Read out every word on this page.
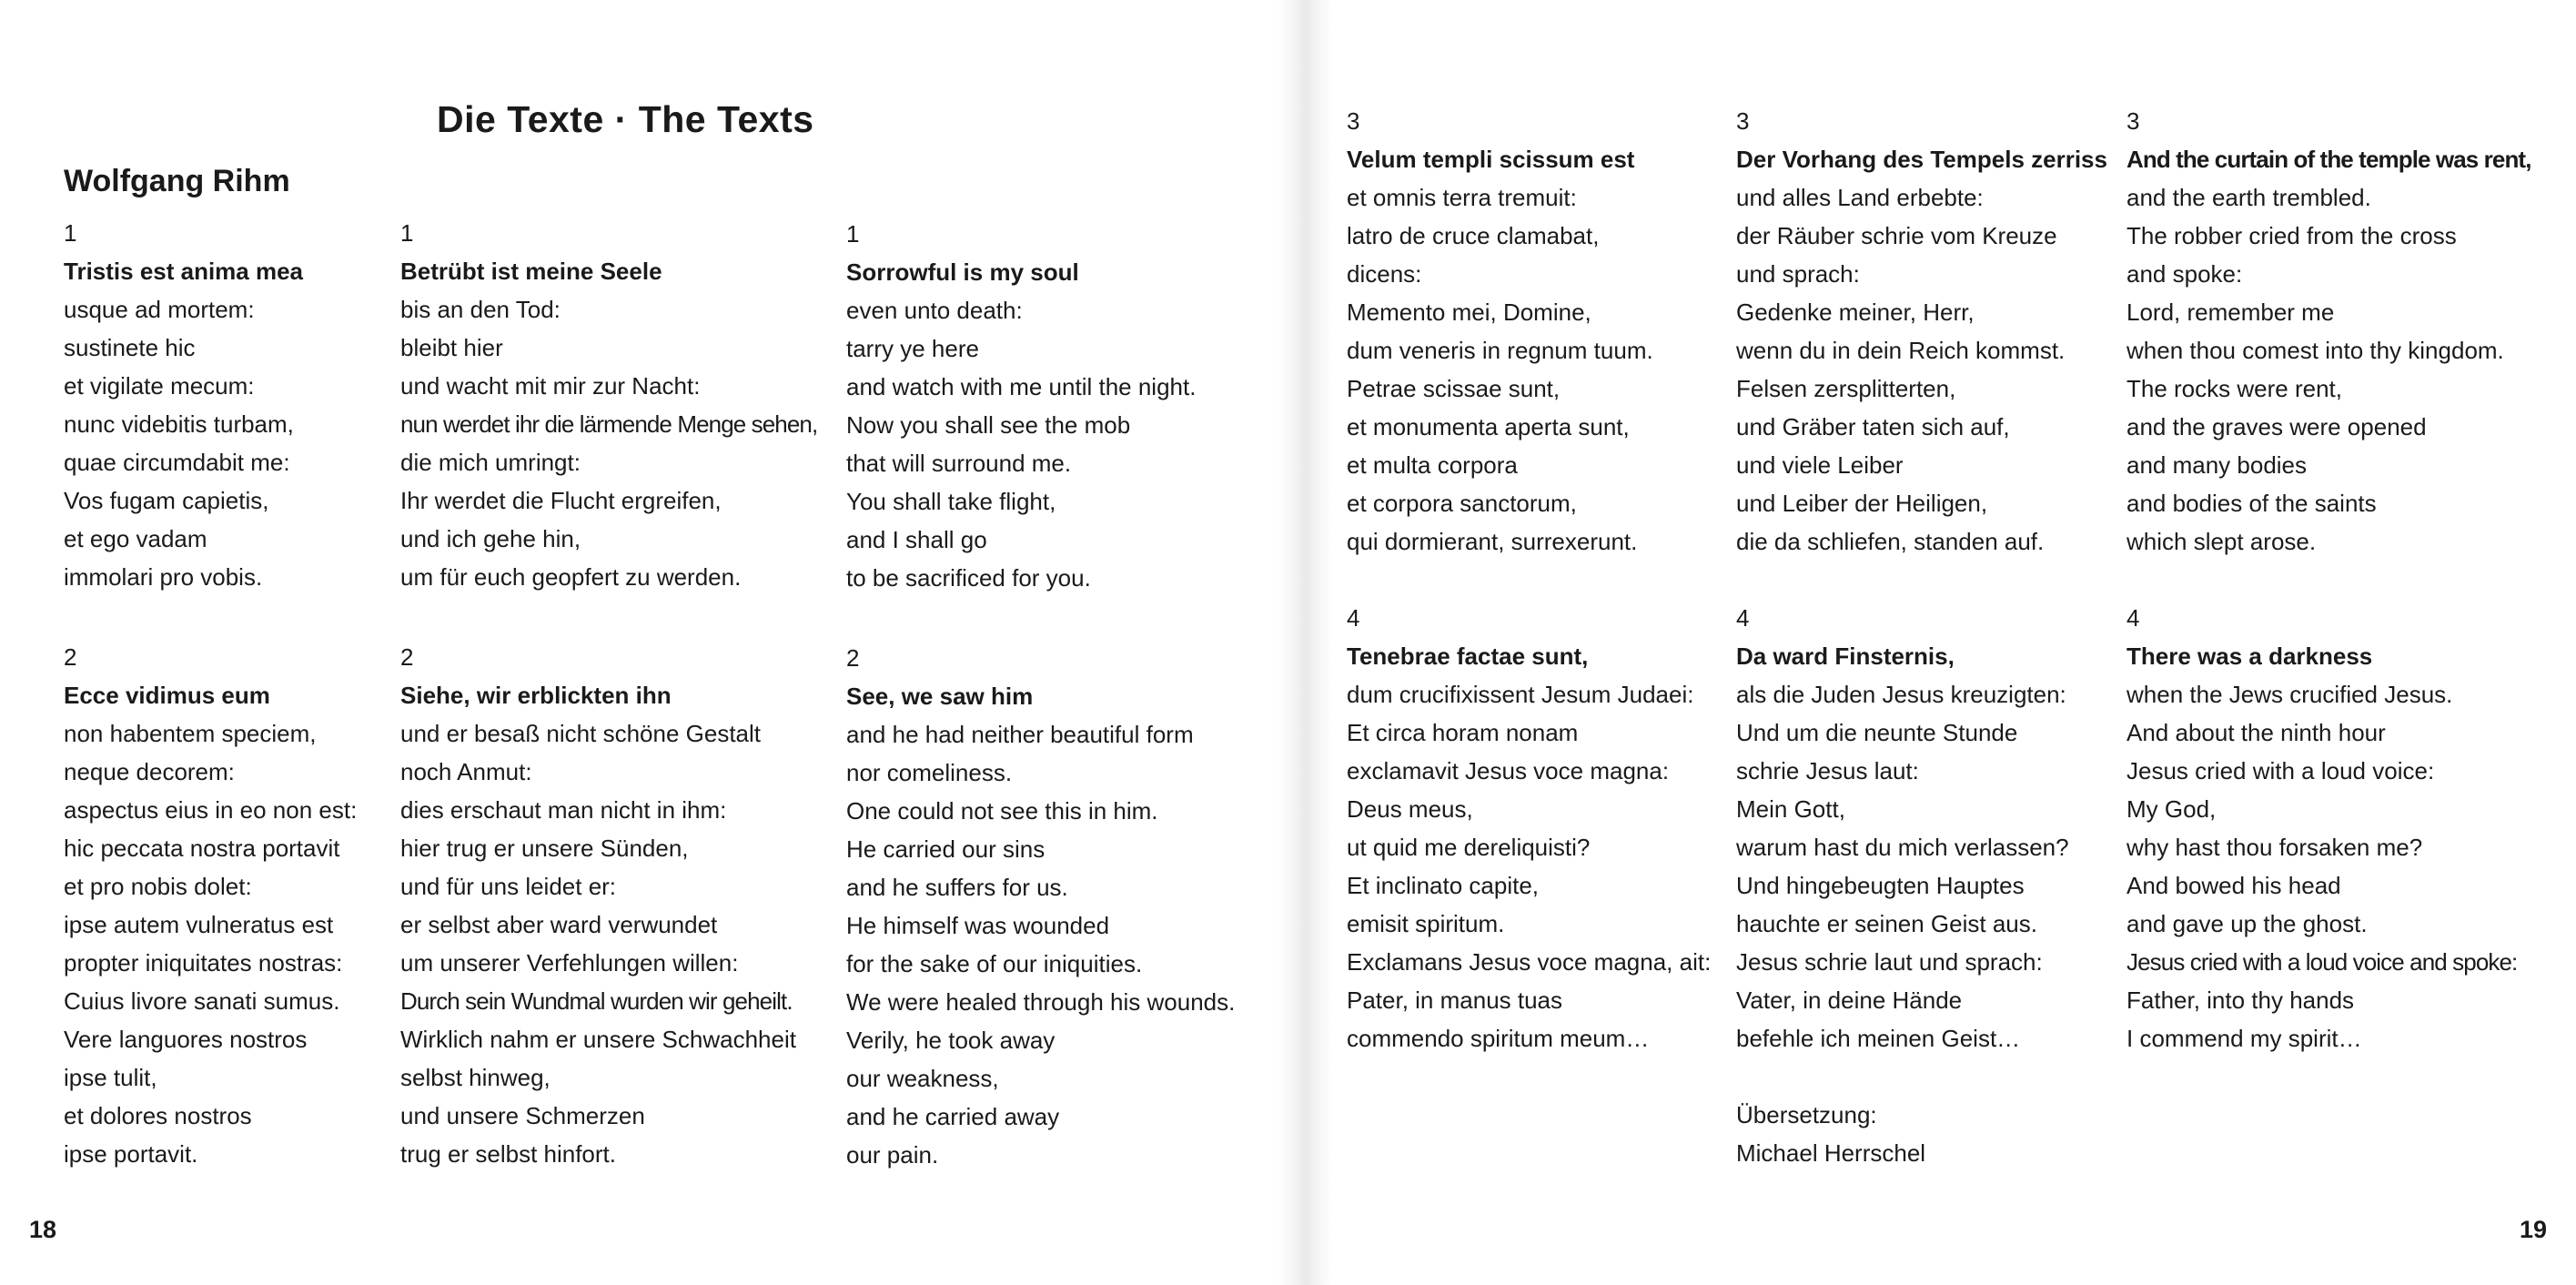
Die Texte · The Texts
Wolfgang Rihm
1
Tristis est anima mea
usque ad mortem:
sustinete hic
et vigilate mecum:
nunc videbitis turbam,
quae circumdabit me:
Vos fugam capietis,
et ego vadam
immolari pro vobis.
1
Betrübt ist meine Seele
bis an den Tod:
bleibt hier
und wacht mit mir zur Nacht:
nun werdet ihr die lärmende Menge sehen,
die mich umringt:
Ihr werdet die Flucht ergreifen,
und ich gehe hin,
um für euch geopfert zu werden.
1
Sorrowful is my soul
even unto death:
tarry ye here
and watch with me until the night.
Now you shall see the mob
that will surround me.
You shall take flight,
and I shall go
to be sacrificed for you.
2
Ecce vidimus eum
non habentem speciem,
neque decorem:
aspectus eius in eo non est:
hic peccata nostra portavit
et pro nobis dolet:
ipse autem vulneratus est
propter iniquitates nostras:
Cuius livore sanati sumus.
Vere languores nostros
ipse tulit,
et dolores nostros
ipse portavit.
2
Siehe, wir erblickten ihn
und er besaß nicht schöne Gestalt
noch Anmut:
dies erschaut man nicht in ihm:
hier trug er unsere Sünden,
und für uns leidet er:
er selbst aber ward verwundet
um unserer Verfehlungen willen:
Durch sein Wundmal wurden wir geheilt.
Wirklich nahm er unsere Schwachheit
selbst hinweg,
und unsere Schmerzen
trug er selbst hinfort.
2
See, we saw him
and he had neither beautiful form
nor comeliness.
One could not see this in him.
He carried our sins
and he suffers for us.
He himself was wounded
for the sake of our iniquities.
We were healed through his wounds.
Verily, he took away
our weakness,
and he carried away
our pain.
18
3
Velum templi scissum est
et omnis terra tremuit:
latro de cruce clamabat,
dicens:
Memento mei, Domine,
dum veneris in regnum tuum.
Petrae scissae sunt,
et monumenta aperta sunt,
et multa corpora
et corpora sanctorum,
qui dormierant, surrexerunt.
3
Der Vorhang des Tempels zerriss
und alles Land erbebte:
der Räuber schrie vom Kreuze
und sprach:
Gedenke meiner, Herr,
wenn du in dein Reich kommst.
Felsen zersplitterten,
und Gräber taten sich auf,
und viele Leiber
und Leiber der Heiligen,
die da schliefen, standen auf.
3
And the curtain of the temple was rent,
and the earth trembled.
The robber cried from the cross
and spoke:
Lord, remember me
when thou comest into thy kingdom.
The rocks were rent,
and the graves were opened
and many bodies
and bodies of the saints
which slept arose.
4
Tenebrae factae sunt,
dum crucifixissent Jesum Judaei:
Et circa horam nonam
exclamavit Jesus voce magna:
Deus meus,
ut quid me dereliquisti?
Et inclinato capite,
emisit spiritum.
Exclamans Jesus voce magna, ait:
Pater, in manus tuas
commendo spiritum meum…
4
Da ward Finsternis,
als die Juden Jesus kreuzigten:
Und um die neunte Stunde
schrie Jesus laut:
Mein Gott,
warum hast du mich verlassen?
Und hingebeugten Hauptes
hauchte er seinen Geist aus.
Jesus schrie laut und sprach:
Vater, in deine Hände
befehle ich meinen Geist…
Übersetzung:
Michael Herrschel
4
There was a darkness
when the Jews crucified Jesus.
And about the ninth hour
Jesus cried with a loud voice:
My God,
why hast thou forsaken me?
And bowed his head
and gave up the ghost.
Jesus cried with a loud voice and spoke:
Father, into thy hands
I commend my spirit…
19
